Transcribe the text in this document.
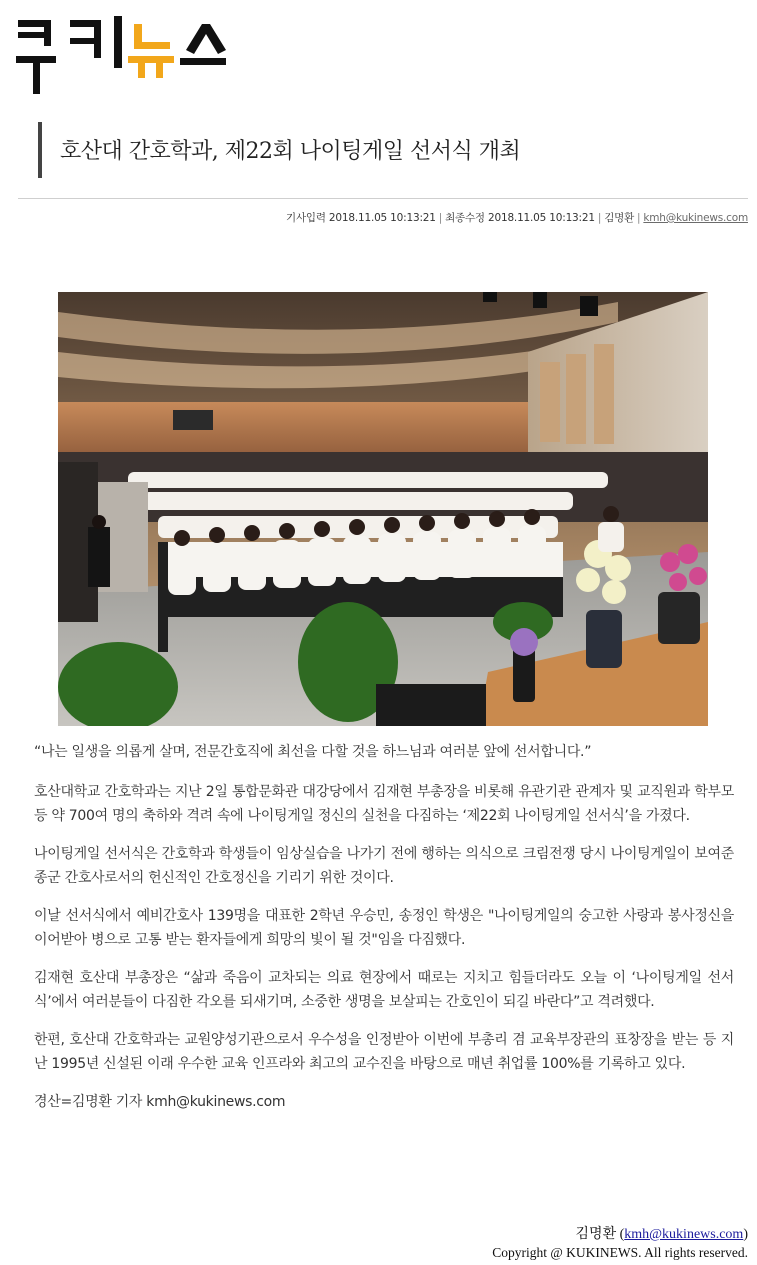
호산대 간호학과, 제22회 나이팅게일 선서식 개최
기사입력 2018.11.05 10:13:21 | 최종수정 2018.11.05 10:13:21 | 김명환 | kmh@kukinews.com

“나는 일생을 의롭게 살며, 전문간호직에 최선을 다할 것을 하느님과 여러분 앞에 선서합니다.”

호산대학교 간호학과는 지난 2일 통합문화관 대강당에서 김재현 부총장을 비롯해 유관기관 관계자 및 교직원과 학부모 등 약 700여 명의 축하와 격려 속에 나이팅게일 정신의 실천을 다짐하는 ‘제22회 나이팅게일 선서식’을 가졌다.

나이팅게일 선서식은 간호학과 학생들이 임상실습을 나가기 전에 행하는 의식으로 크림전쟁 당시 나이팅게일이 보여준 종군 간호사로서의 헌신적인 간호정신을 기리기 위한 것이다.

이날 선서식에서 예비간호사 139명을 대표한 2학년 우승민, 송정인 학생은 "나이팅게일의 숭고한 사랑과 봉사정신을 이어받아 병으로 고통 받는 환자들에게 희망의 빛이 될 것"임을 다짐했다.

김재현 호산대 부총장은 “삶과 죽음이 교차되는 의료 현장에서 때로는 지치고 힘들더라도 오늘 이 ‘나이팅게일 선서식’에서 여러분들이 다짐한 각오를 되새기며, 소중한 생명을 보살피는 간호인이 되길 바란다”고 격려했다.

한편, 호산대 간호학과는 교원양성기관으로서 우수성을 인정받아 이번에 부총리 겸 교육부장관의 표창장을 받는 등 지난 1995년 신설된 이래 우수한 교육 인프라와 최고의 교수진을 바탕으로 매년 취업률 100%를 기록하고 있다.

경산=김명환 기자 kmh@kukinews.com

김명환 (kmh@kukinews.com)
Copyright @ KUKINEWS. All rights reserved.
